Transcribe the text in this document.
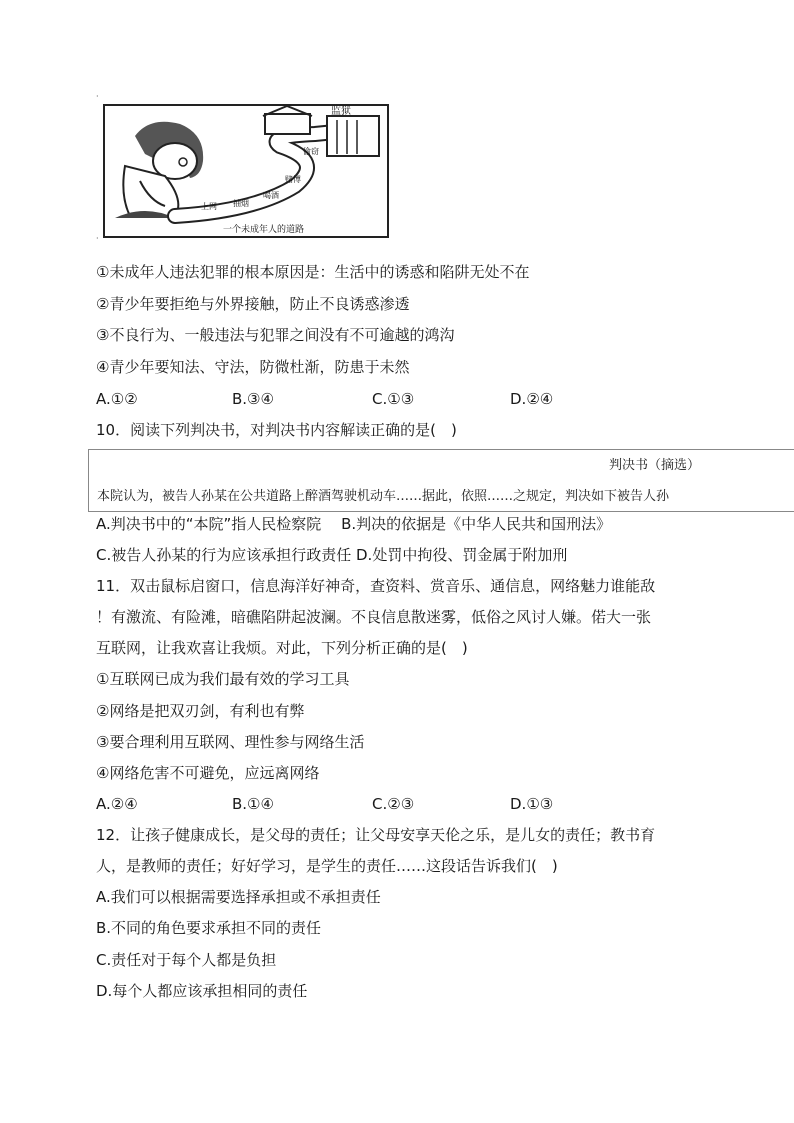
·
·
监狱
上网 抽烟
喝酒
赌博
偷窃
一个未成年人的道路
①未成年人违法犯罪的根本原因是：生活中的诱惑和陷阱无处不在
②青少年要拒绝与外界接触，防止不良诱惑渗透
③不良行为、一般违法与犯罪之间没有不可逾越的鸿沟
④青少年要知法、守法，防微杜渐，防患于未然
A.①②	B.③④	C.①③	D.②④
10．阅读下列判决书，对判决书内容解读正确的是(　)
判决书（摘选）
本院认为，被告人孙某在公共道路上醉酒驾驶机动车……据此，依照……之规定，判决如下被告人孙
A.判决书中的“本院”指人民检察院　 B.判决的依据是《中华人民共和国刑法》
C.被告人孙某的行为应该承担行政责任 D.处罚中拘役、罚金属于附加刑
11．双击鼠标启窗口，信息海洋好神奇，查资料、赏音乐、通信息，网络魅力谁能敌
！有激流、有险滩，暗礁陷阱起波澜。不良信息散迷雾，低俗之风讨人嫌。偌大一张
互联网，让我欢喜让我烦。对此，下列分析正确的是(　)
①互联网已成为我们最有效的学习工具
②网络是把双刃剑，有利也有弊
③要合理利用互联网、理性参与网络生活
④网络危害不可避免，应远离网络
A.②④	B.①④	C.②③	D.①③
12．让孩子健康成长，是父母的责任；让父母安享天伦之乐，是儿女的责任；教书育
人，是教师的责任；好好学习，是学生的责任……这段话告诉我们(　)
A.我们可以根据需要选择承担或不承担责任
B.不同的角色要求承担不同的责任
C.责任对于每个人都是负担
D.每个人都应该承担相同的责任
